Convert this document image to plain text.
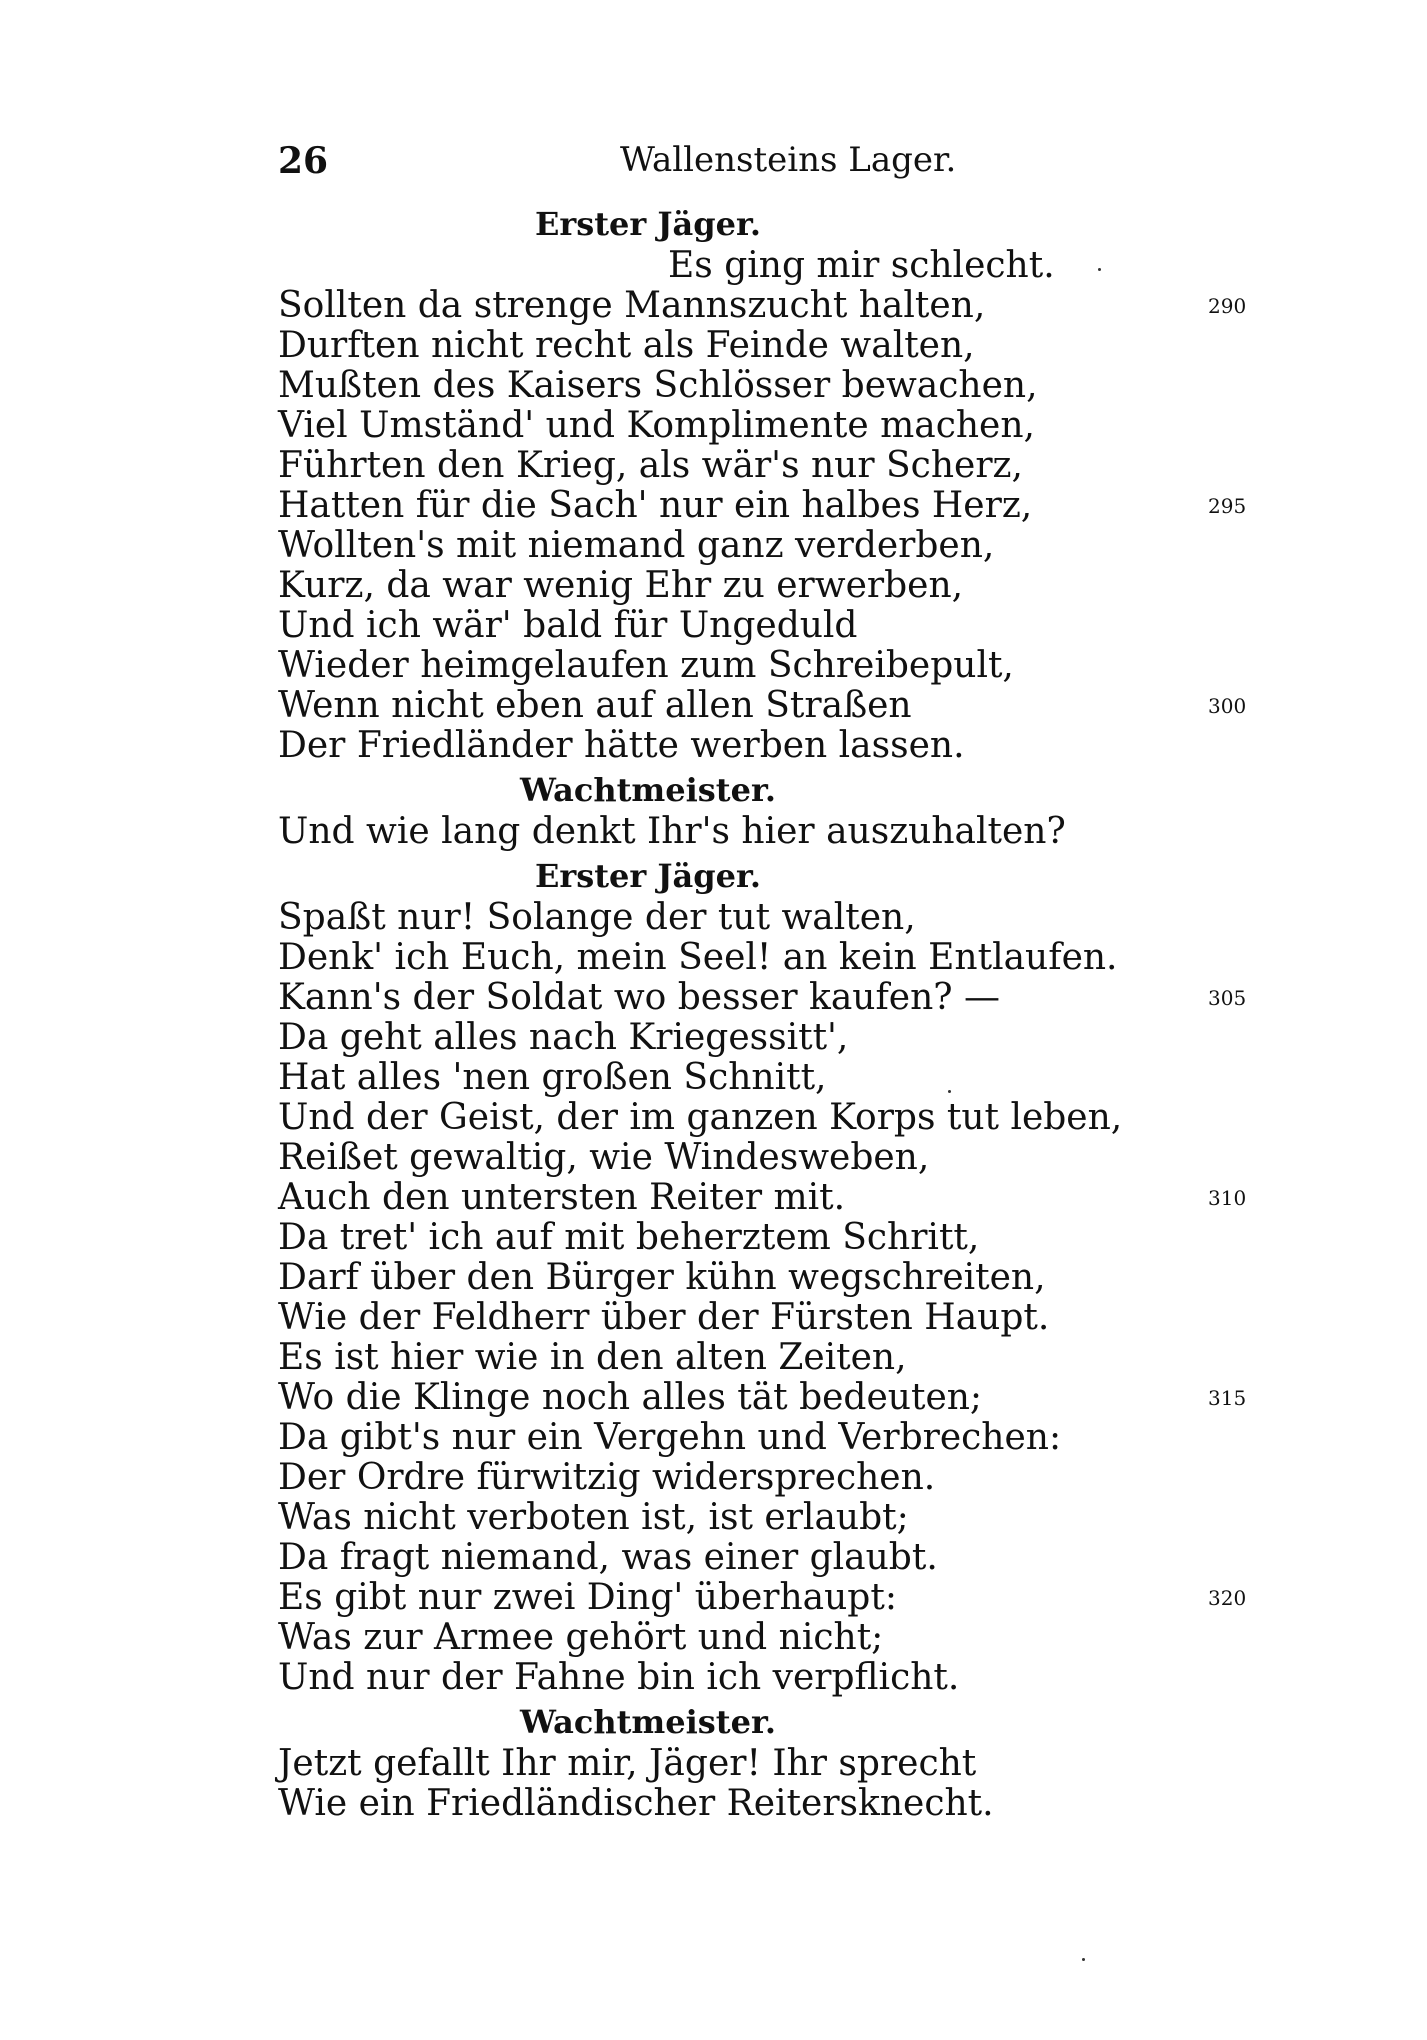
26	Wallensteins Lager.
Erster Jäger.
Es ging mir schlecht.
Sollten da strenge Mannszucht halten,	290
Durften nicht recht als Feinde walten,
Mußten des Kaisers Schlösser bewachen,
Viel Umständ' und Komplimente machen,
Führten den Krieg, als wär's nur Scherz,
Hatten für die Sach' nur ein halbes Herz,	295
Wollten's mit niemand ganz verderben,
Kurz, da war wenig Ehr zu erwerben,
Und ich wär' bald für Ungeduld
Wieder heimgelaufen zum Schreibepult,
Wenn nicht eben auf allen Straßen	300
Der Friedländer hätte werben lassen.
Wachtmeister.
Und wie lang denkt Ihr's hier auszuhalten?
Erster Jäger.
Spaßt nur! Solange der tut walten,
Denk' ich Euch, mein Seel! an kein Entlaufen.
Kann's der Soldat wo besser kaufen? —	305
Da geht alles nach Kriegessitt',
Hat alles 'nen großen Schnitt,
Und der Geist, der im ganzen Korps tut leben,
Reißet gewaltig, wie Windesweben,
Auch den untersten Reiter mit.	310
Da tret' ich auf mit beherztem Schritt,
Darf über den Bürger kühn wegschreiten,
Wie der Feldherr über der Fürsten Haupt.
Es ist hier wie in den alten Zeiten,
Wo die Klinge noch alles tät bedeuten;	315
Da gibt's nur ein Vergehn und Verbrechen:
Der Ordre fürwitzig widersprechen.
Was nicht verboten ist, ist erlaubt;
Da fragt niemand, was einer glaubt.
Es gibt nur zwei Ding' überhaupt:	320
Was zur Armee gehört und nicht;
Und nur der Fahne bin ich verpflicht.
Wachtmeister.
Jetzt gefallt Ihr mir, Jäger! Ihr sprecht
Wie ein Friedländischer Reitersknecht.
